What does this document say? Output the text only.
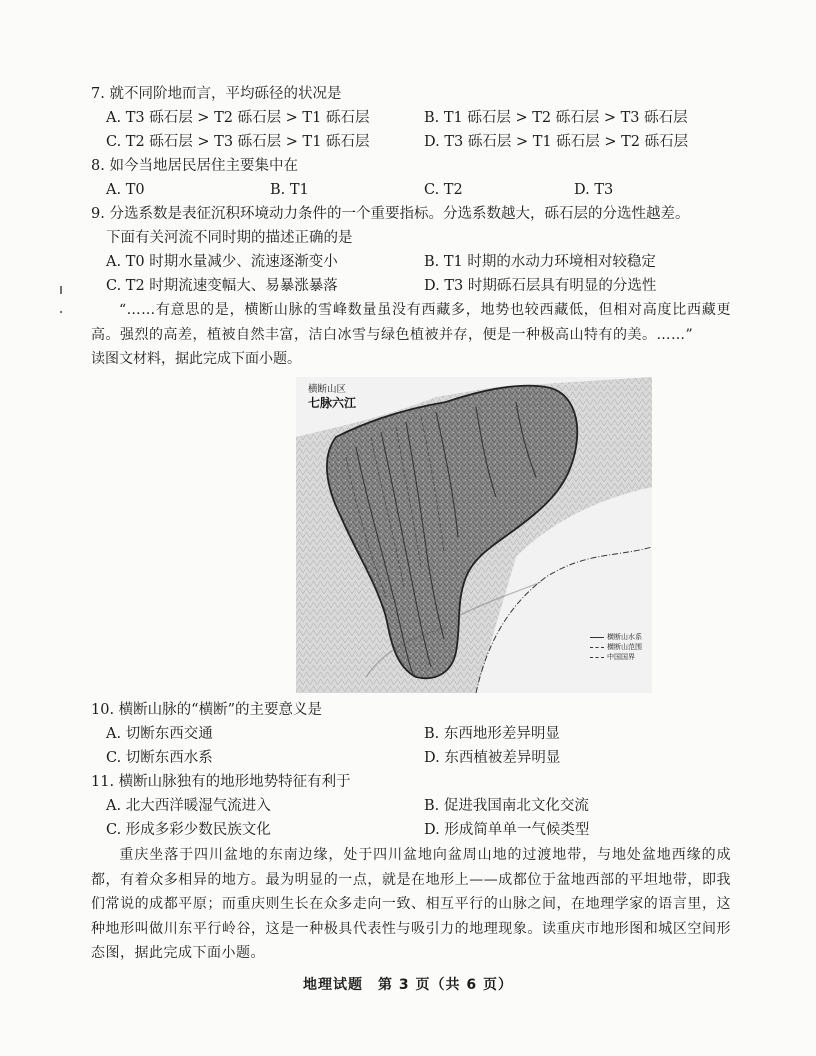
7. 就不同阶地而言，平均砾径的状况是
A. T3 砾石层 > T2 砾石层 > T1 砾石层	B. T1 砾石层 > T2 砾石层 > T3 砾石层
C. T2 砾石层 > T3 砾石层 > T1 砾石层	D. T3 砾石层 > T1 砾石层 > T2 砾石层
8. 如今当地居民居住主要集中在
A. T0	B. T1	C. T2	D. T3
9. 分选系数是表征沉积环境动力条件的一个重要指标。分选系数越大，砾石层的分选性越差。
下面有关河流不同时期的描述正确的是
A. T0 时期水量减少、流速逐渐变小	B. T1 时期的水动力环境相对较稳定
C. T2 时期流速变幅大、易暴涨暴落	D. T3 时期砾石层具有明显的分选性
“……有意思的是，横断山脉的雪峰数量虽没有西藏多，地势也较西藏低，但相对高度比西藏更高。强烈的高差，植被自然丰富，洁白冰雪与绿色植被并存，便是一种极高山特有的美。……”
读图文材料，据此完成下面小题。
横断山区
七脉六江
横断山水系
横断山范围
中国国界
10. 横断山脉的“横断”的主要意义是
A. 切断东西交通	B. 东西地形差异明显
C. 切断东西水系	D. 东西植被差异明显
11. 横断山脉独有的地形地势特征有利于
A. 北大西洋暖湿气流进入	B. 促进我国南北文化交流
C. 形成多彩少数民族文化	D. 形成简单单一气候类型
重庆坐落于四川盆地的东南边缘，处于四川盆地向盆周山地的过渡地带，与地处盆地西缘的成都，有着众多相异的地方。最为明显的一点，就是在地形上——成都位于盆地西部的平坦地带，即我们常说的成都平原；而重庆则生长在众多走向一致、相互平行的山脉之间，在地理学家的语言里，这种地形叫做川东平行岭谷，这是一种极具代表性与吸引力的地理现象。读重庆市地形图和城区空间形态图，据此完成下面小题。
地理试题　第 3 页（共 6 页）
